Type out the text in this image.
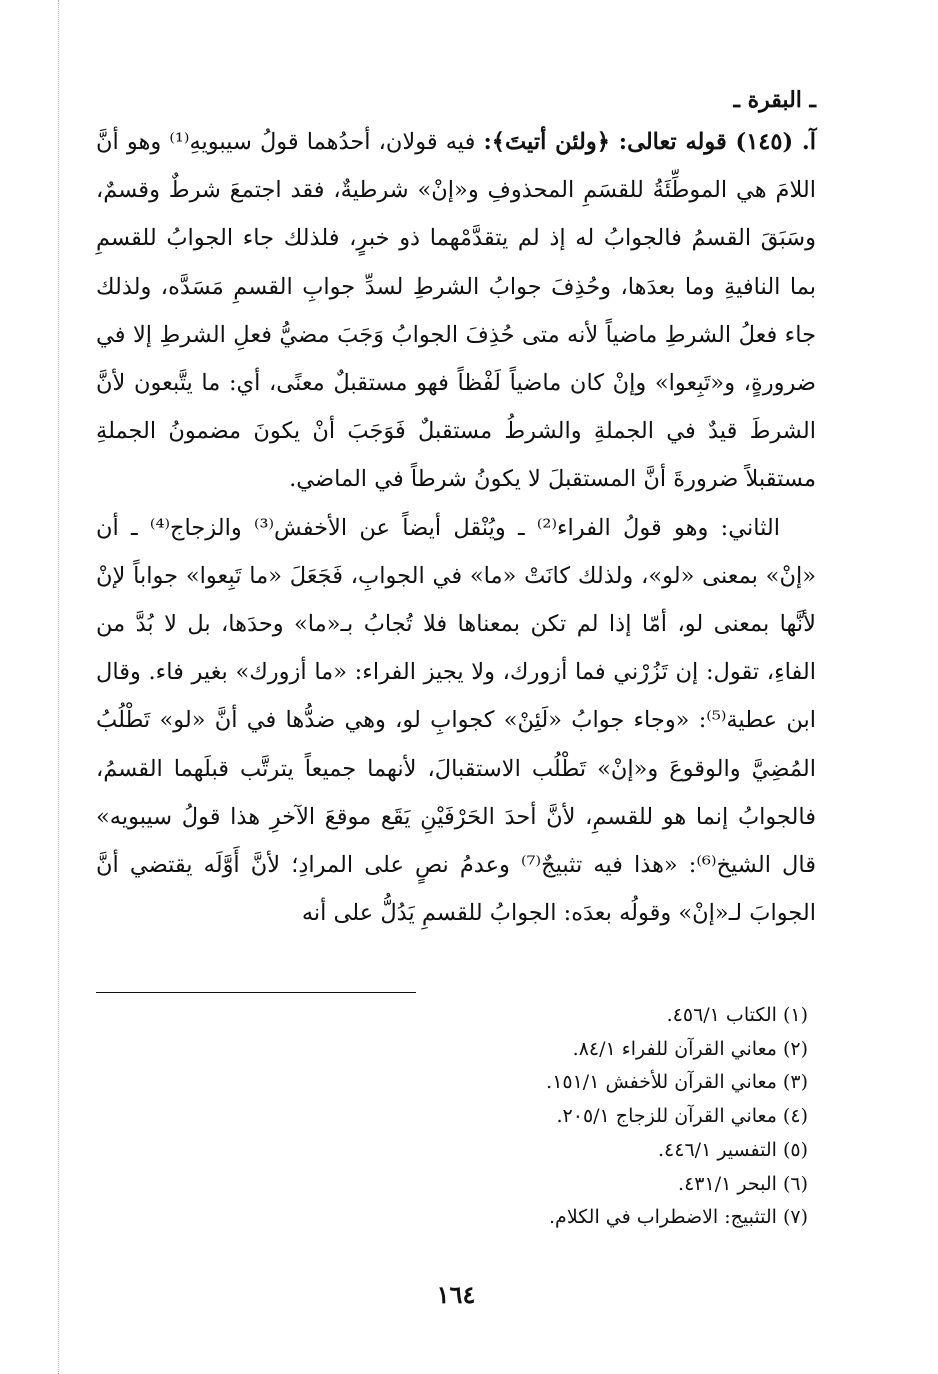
ـ البقرة ـ

آ. (١٤٥) قوله تعالى: ﴿ولئن أتيتَ﴾: فيه قولان، أحدُهما قولُ سيبويهِ⁽¹⁾ وهو أنَّ اللامَ هي الموطِّئَةُ للقسَمِ المحذوفِ و«إنْ» شرطيةٌ، فقد اجتمعَ شرطٌ وقسمٌ، وسَبَقَ القسمُ فالجوابُ له إذ لم يتقدَّمْهما ذو خبرٍ، فلذلك جاء الجوابُ للقسمِ بما النافيةِ وما بعدَها، وحُذِفَ جوابُ الشرطِ لسدِّ جوابِ القسمِ مَسَدَّه، ولذلك جاء فعلُ الشرطِ ماضياً لأنه متى حُذِفَ الجوابُ وَجَبَ مضيُّ فعلِ الشرطِ إلا في ضرورةٍ، و«تَبِعوا» وإنْ كان ماضياً لَفْظاً فهو مستقبلٌ معنًى، أي: ما يتَّبعون لأنَّ الشرطَ قيدٌ في الجملةِ والشرطُ مستقبلٌ فَوَجَبَ أنْ يكونَ مضمونُ الجملةِ مستقبلاً ضرورةَ أنَّ المستقبلَ لا يكونُ شرطاً في الماضي.

الثاني: وهو قولُ الفراء⁽²⁾ ـ ويُنْقل أيضاً عن الأخفش⁽³⁾ والزجاج⁽⁴⁾ ـ أن «إنْ» بمعنى «لو»، ولذلك كانَتْ «ما» في الجوابِ، فَجَعَلَ «ما تَبِعوا» جواباً لإنْ لأنَّها بمعنى لو، أمّا إذا لم تكن بمعناها فلا تُجابُ بـ«ما» وحدَها، بل لا بُدَّ من الفاءِ، تقول: إن تَزُرْني فما أزورك، ولا يجيز الفراء: «ما أزورك» بغير فاء. وقال ابن عطية⁽⁵⁾: «وجاء جوابُ «لَئِنْ» كجوابِ لو، وهي ضدُّها في أنَّ «لو» تَطْلُبُ المُضِيَّ والوقوعَ و«إنْ» تَطْلُب الاستقبالَ، لأنهما جميعاً يترتَّب قبلَهما القسمُ، فالجوابُ إنما هو للقسمِ، لأنَّ أحدَ الحَرْفَيْنِ يَقَع موقعَ الآخرِ هذا قولُ سيبويه» قال الشيخ⁽⁶⁾: «هذا فيه تثبيجٌ⁽⁷⁾ وعدمُ نصٍ على المرادِ؛ لأنَّ أَوَّلَه يقتضي أنَّ الجوابَ لـ«إنْ» وقولُه بعدَه: الجوابُ للقسمِ يَدُلُّ على أنه

(١) الكتاب ٤٥٦/١.
(٢) معاني القرآن للفراء ٨٤/١.
(٣) معاني القرآن للأخفش ١٥١/١.
(٤) معاني القرآن للزجاج ٢٠٥/١.
(٥) التفسير ٤٤٦/١.
(٦) البحر ٤٣١/١.
(٧) التثبيج: الاضطراب في الكلام.
١٦٤
